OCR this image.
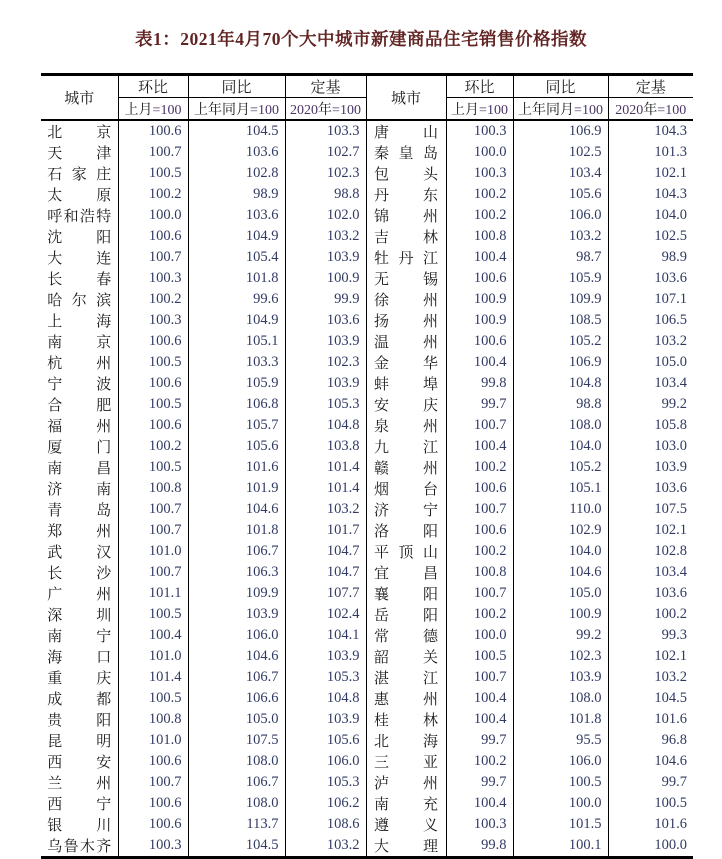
表1：2021年4月70个大中城市新建商品住宅销售价格指数
城市	环比	同比	定基	城市	环比	同比	定基
	上月=100	上年同月=100	2020年=100		上月=100	上年同月=100	2020年=100

北 京	100.6	104.5	103.3	唐 山	100.3	106.9	104.3

天 津	100.7	103.6	102.7	秦 皇 岛	100.0	102.5	101.3

石 家 庄	100.5	102.8	102.3	包 头	100.3	103.4	102.1

太 原	100.2	98.9	98.8	丹 东	100.2	105.6	104.3

呼 和 浩 特	100.0	103.6	102.0	锦 州	100.2	106.0	104.0

沈 阳	100.6	104.9	103.2	吉 林	100.8	103.2	102.5

大 连	100.7	105.4	103.9	牡 丹 江	100.4	98.7	98.9

长 春	100.3	101.8	100.9	无 锡	100.6	105.9	103.6

哈 尔 滨	100.2	99.6	99.9	徐 州	100.9	109.9	107.1

上 海	100.3	104.9	103.6	扬 州	100.9	108.5	106.5

南 京	100.6	105.1	103.9	温 州	100.6	105.2	103.2

杭 州	100.5	103.3	102.3	金 华	100.4	106.9	105.0

宁 波	100.6	105.9	103.9	蚌 埠	99.8	104.8	103.4

合 肥	100.5	106.8	105.3	安 庆	99.7	98.8	99.2

福 州	100.6	105.7	104.8	泉 州	100.7	108.0	105.8

厦 门	100.2	105.6	103.8	九 江	100.4	104.0	103.0

南 昌	100.5	101.6	101.4	赣 州	100.2	105.2	103.9

济 南	100.8	101.9	101.4	烟 台	100.6	105.1	103.6

青 岛	100.7	104.6	103.2	济 宁	100.7	110.0	107.5

郑 州	100.7	101.8	101.7	洛 阳	100.6	102.9	102.1

武 汉	101.0	106.7	104.7	平 顶 山	100.2	104.0	102.8

长 沙	100.7	106.3	104.7	宜 昌	100.8	104.6	103.4

广 州	101.1	109.9	107.7	襄 阳	100.7	105.0	103.6

深 圳	100.5	103.9	102.4	岳 阳	100.2	100.9	100.2

南 宁	100.4	106.0	104.1	常 德	100.0	99.2	99.3

海 口	101.0	104.6	103.9	韶 关	100.5	102.3	102.1

重 庆	101.4	106.7	105.3	湛 江	100.7	103.9	103.2

成 都	100.5	106.6	104.8	惠 州	100.4	108.0	104.5

贵 阳	100.8	105.0	103.9	桂 林	100.4	101.8	101.6

昆 明	101.0	107.5	105.6	北 海	99.7	95.5	96.8

西 安	100.6	108.0	106.0	三 亚	100.2	106.0	104.6

兰 州	100.7	106.7	105.3	泸 州	99.7	100.5	99.7

西 宁	100.6	108.0	106.2	南 充	100.4	100.0	100.5

银 川	100.6	113.7	108.6	遵 义	100.3	101.5	101.6

乌 鲁 木 齐	100.3	104.5	103.2	大 理	99.8	100.1	100.0
